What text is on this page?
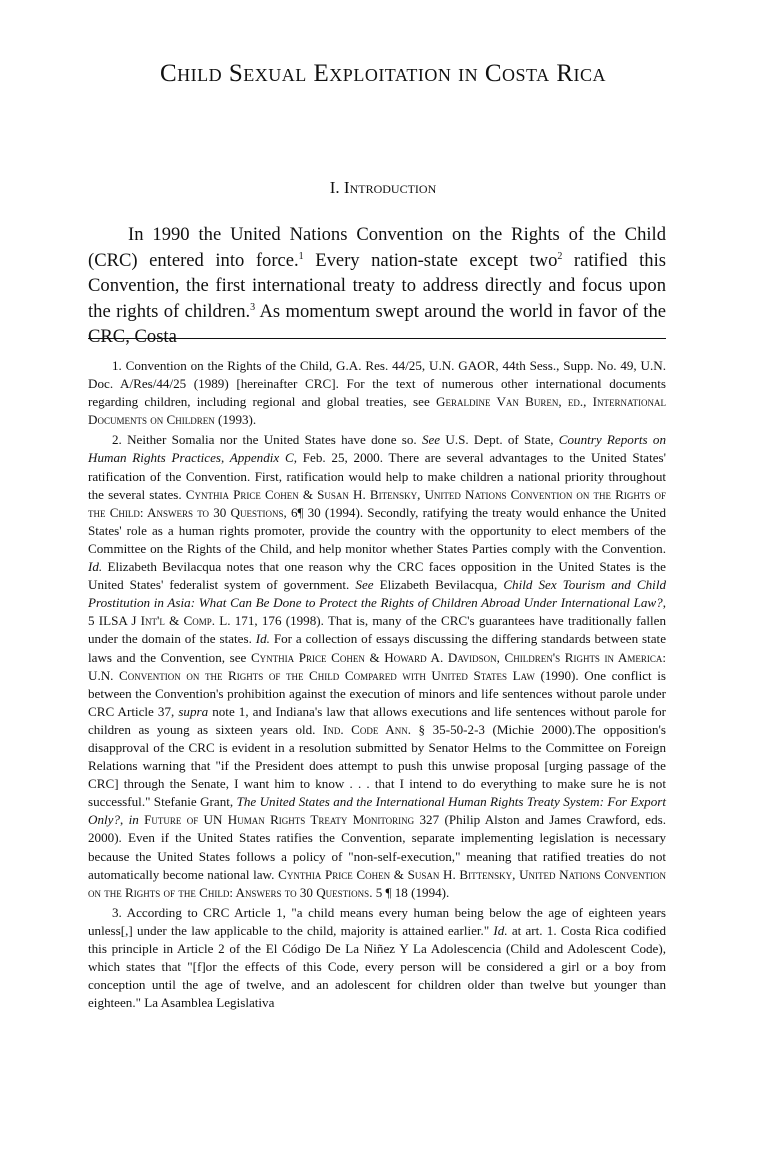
Child Sexual Exploitation in Costa Rica
I. Introduction

In 1990 the United Nations Convention on the Rights of the Child (CRC) entered into force.$^1$ Every nation-state except two$^2$ ratified this Convention, the first international treaty to address directly and focus upon the rights of children.$^3$ As momentum swept around the world in favor of the CRC, Costa

1. Convention on the Rights of the Child, G.A. Res. 44/25, U.N. GAOR, 44th Sess., Supp. No. 49, U.N. Doc. A/Res/44/25 (1989) [hereinafter CRC]. For the text of numerous other international documents regarding children, including regional and global treaties, see Geraldine Van Buren, ed., International Documents on Children (1993).

2. Neither Somalia nor the United States have done so. See U.S. Dept. of State, Country Reports on Human Rights Practices, Appendix C, Feb. 25, 2000. There are several advantages to the United States' ratification of the Convention. First, ratification would help to make children a national priority throughout the several states. Cynthia Price Cohen & Susan H. Bitensky, United Nations Convention on the Rights of the Child: Answers to 30 Questions, 6¶ 30 (1994). Secondly, ratifying the treaty would enhance the United States' role as a human rights promoter, provide the country with the opportunity to elect members of the Committee on the Rights of the Child, and help monitor whether States Parties comply with the Convention. Id. Elizabeth Bevilacqua notes that one reason why the CRC faces opposition in the United States is the United States' federalist system of government. See Elizabeth Bevilacqua, Child Sex Tourism and Child Prostitution in Asia: What Can Be Done to Protect the Rights of Children Abroad Under International Law?, 5 ILSA J Int'l & Comp. L. 171, 176 (1998). That is, many of the CRC's guarantees have traditionally fallen under the domain of the states. Id. For a collection of essays discussing the differing standards between state laws and the Convention, see Cynthia Price Cohen & Howard A. Davidson, Children's Rights in America: U.N. Convention on the Rights of the Child Compared with United States Law (1990). One conflict is between the Convention's prohibition against the execution of minors and life sentences without parole under CRC Article 37, supra note 1, and Indiana's law that allows executions and life sentences without parole for children as young as sixteen years old. Ind. Code Ann. § 35-50-2-3 (Michie 2000).The opposition's disapproval of the CRC is evident in a resolution submitted by Senator Helms to the Committee on Foreign Relations warning that "if the President does attempt to push this unwise proposal [urging passage of the CRC] through the Senate, I want him to know . . . that I intend to do everything to make sure he is not successful." Stefanie Grant, The United States and the International Human Rights Treaty System: For Export Only?, in Future of UN Human Rights Treaty Monitoring 327 (Philip Alston and James Crawford, eds. 2000). Even if the United States ratifies the Convention, separate implementing legislation is necessary because the United States follows a policy of "non-self-execution," meaning that ratified treaties do not automatically become national law. Cynthia Price Cohen & Susan H. Bittensky, United Nations Convention on the Rights of the Child: Answers to 30 Questions. 5 ¶ 18 (1994).

3. According to CRC Article 1, "a child means every human being below the age of eighteen years unless[,] under the law applicable to the child, majority is attained earlier." Id. at art. 1. Costa Rica codified this principle in Article 2 of the El Código De La Niñez Y La Adolescencia (Child and Adolescent Code), which states that "[f]or the effects of this Code, every person will be considered a girl or a boy from conception until the age of twelve, and an adolescent for children older than twelve but younger than eighteen." La Asamblea Legislativa
